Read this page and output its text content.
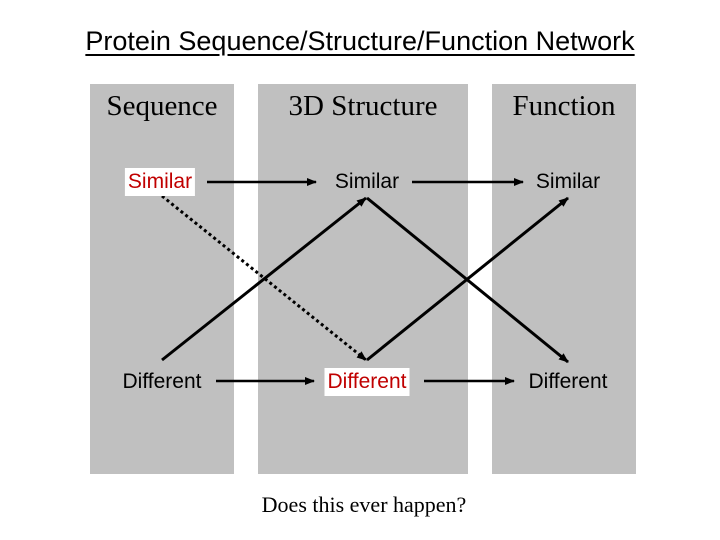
Protein Sequence/Structure/Function Network
Sequence	3D Structure	Function
Similar	Similar	Similar
Different	Different	Different
Does this ever happen?
